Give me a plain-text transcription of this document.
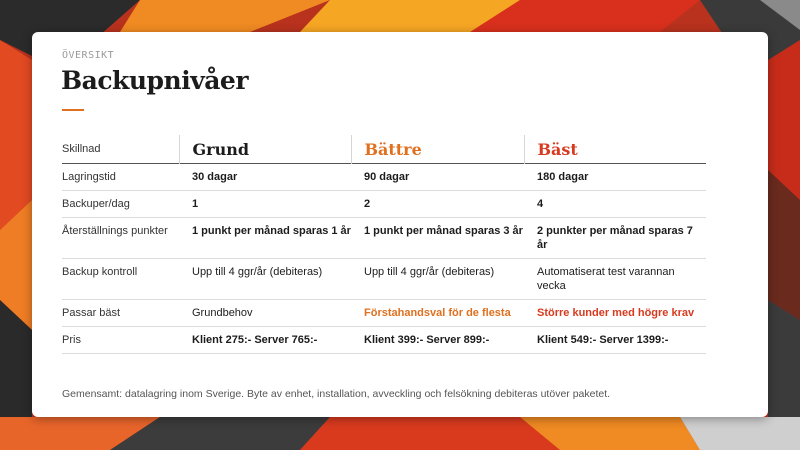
ÖVERSIKT
Backupnivåer
Skillnad	Grund	Bättre	Bäst
Lagringstid	30 dagar	90 dagar	180 dagar
Backuper/dag	1	2	4
Återställnings punkter	1 punkt per månad sparas 1 år	1 punkt per månad sparas 3 år	2 punkter per månad sparas 7 år
Backup kontroll	Upp till 4 ggr/år (debiteras)	Upp till 4 ggr/år (debiteras)	Automatiserat test varannan vecka
Passar bäst	Grundbehov	Förstahandsval för de flesta	Större kunder med högre krav
Pris	Klient 275:- Server 765:-	Klient 399:- Server 899:-	Klient 549:- Server 1399:-
Gemensamt: datalagring inom Sverige. Byte av enhet, installation, avveckling och felsökning debiteras utöver paketet.
